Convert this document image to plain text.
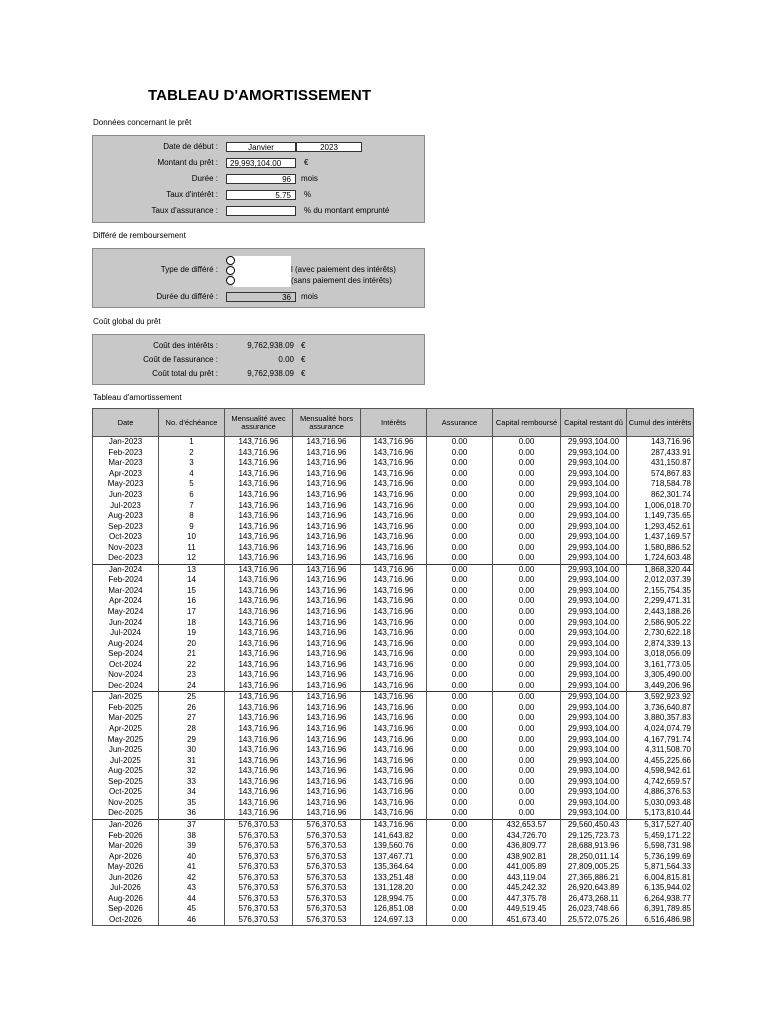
TABLEAU D'AMORTISSEMENT
Données concernant le prêt
Date de début :	Janvier	2023
Montant du prêt :	29,993,104.00	€
Durée :	96	mois
Taux d'intérêt :	5.75	%
Taux d'assurance :	% du montant emprunté
Différé de remboursement
Type de différé :	l (avec paiement des intérêts)
(sans paiement des intérêts)
Durée du différé :	36	mois
Coût global du prêt
Coût des intérêts :	9,762,938.09 €
Coût de l'assurance :	0.00 €
Coût total du prêt :	9,762,938.09 €
Tableau d'amortissement
Date	No. d'échéance	Mensualité avec assurance	Mensualité hors assurance	Intérêts	Assurance	Capital remboursé	Capital restant dû	Cumul des intérêts
Jan-2023	1	143,716.96	143,716.96	143,716.96	0.00	0.00	29,993,104.00	143,716.96
Feb-2023	2	143,716.96	143,716.96	143,716.96	0.00	0.00	29,993,104.00	287,433.91
Mar-2023	3	143,716.96	143,716.96	143,716.96	0.00	0.00	29,993,104.00	431,150.87
Apr-2023	4	143,716.96	143,716.96	143,716.96	0.00	0.00	29,993,104.00	574,867.83
May-2023	5	143,716.96	143,716.96	143,716.96	0.00	0.00	29,993,104.00	718,584.78
Jun-2023	6	143,716.96	143,716.96	143,716.96	0.00	0.00	29,993,104.00	862,301.74
Jul-2023	7	143,716.96	143,716.96	143,716.96	0.00	0.00	29,993,104.00	1,006,018.70
Aug-2023	8	143,716.96	143,716.96	143,716.96	0.00	0.00	29,993,104.00	1,149,735.65
Sep-2023	9	143,716.96	143,716.96	143,716.96	0.00	0.00	29,993,104.00	1,293,452.61
Oct-2023	10	143,716.96	143,716.96	143,716.96	0.00	0.00	29,993,104.00	1,437,169.57
Nov-2023	11	143,716.96	143,716.96	143,716.96	0.00	0.00	29,993,104.00	1,580,886.52
Dec-2023	12	143,716.96	143,716.96	143,716.96	0.00	0.00	29,993,104.00	1,724,603.48
Jan-2024	13	143,716.96	143,716.96	143,716.96	0.00	0.00	29,993,104.00	1,868,320.44
Feb-2024	14	143,716.96	143,716.96	143,716.96	0.00	0.00	29,993,104.00	2,012,037.39
Mar-2024	15	143,716.96	143,716.96	143,716.96	0.00	0.00	29,993,104.00	2,155,754.35
Apr-2024	16	143,716.96	143,716.96	143,716.96	0.00	0.00	29,993,104.00	2,299,471.31
May-2024	17	143,716.96	143,716.96	143,716.96	0.00	0.00	29,993,104.00	2,443,188.26
Jun-2024	18	143,716.96	143,716.96	143,716.96	0.00	0.00	29,993,104.00	2,586,905.22
Jul-2024	19	143,716.96	143,716.96	143,716.96	0.00	0.00	29,993,104.00	2,730,622.18
Aug-2024	20	143,716.96	143,716.96	143,716.96	0.00	0.00	29,993,104.00	2,874,339.13
Sep-2024	21	143,716.96	143,716.96	143,716.96	0.00	0.00	29,993,104.00	3,018,056.09
Oct-2024	22	143,716.96	143,716.96	143,716.96	0.00	0.00	29,993,104.00	3,161,773.05
Nov-2024	23	143,716.96	143,716.96	143,716.96	0.00	0.00	29,993,104.00	3,305,490.00
Dec-2024	24	143,716.96	143,716.96	143,716.96	0.00	0.00	29,993,104.00	3,449,206.96
Jan-2025	25	143,716.96	143,716.96	143,716.96	0.00	0.00	29,993,104.00	3,592,923.92
Feb-2025	26	143,716.96	143,716.96	143,716.96	0.00	0.00	29,993,104.00	3,736,640.87
Mar-2025	27	143,716.96	143,716.96	143,716.96	0.00	0.00	29,993,104.00	3,880,357.83
Apr-2025	28	143,716.96	143,716.96	143,716.96	0.00	0.00	29,993,104.00	4,024,074.79
May-2025	29	143,716.96	143,716.96	143,716.96	0.00	0.00	29,993,104.00	4,167,791.74
Jun-2025	30	143,716.96	143,716.96	143,716.96	0.00	0.00	29,993,104.00	4,311,508.70
Jul-2025	31	143,716.96	143,716.96	143,716.96	0.00	0.00	29,993,104.00	4,455,225.66
Aug-2025	32	143,716.96	143,716.96	143,716.96	0.00	0.00	29,993,104.00	4,598,942.61
Sep-2025	33	143,716.96	143,716.96	143,716.96	0.00	0.00	29,993,104.00	4,742,659.57
Oct-2025	34	143,716.96	143,716.96	143,716.96	0.00	0.00	29,993,104.00	4,886,376.53
Nov-2025	35	143,716.96	143,716.96	143,716.96	0.00	0.00	29,993,104.00	5,030,093.48
Dec-2025	36	143,716.96	143,716.96	143,716.96	0.00	0.00	29,993,104.00	5,173,810.44
Jan-2026	37	576,370.53	576,370.53	143,716.96	0.00	432,653.57	29,560,450.43	5,317,527.40
Feb-2026	38	576,370.53	576,370.53	141,643.82	0.00	434,726.70	29,125,723.73	5,459,171.22
Mar-2026	39	576,370.53	576,370.53	139,560.76	0.00	436,809.77	28,688,913.96	5,598,731.98
Apr-2026	40	576,370.53	576,370.53	137,467.71	0.00	438,902.81	28,250,011.14	5,736,199.69
May-2026	41	576,370.53	576,370.53	135,364.64	0.00	441,005.89	27,809,005.25	5,871,564.33
Jun-2026	42	576,370.53	576,370.53	133,251.48	0.00	443,119.04	27,365,886.21	6,004,815.81
Jul-2026	43	576,370.53	576,370.53	131,128.20	0.00	445,242.32	26,920,643.89	6,135,944.02
Aug-2026	44	576,370.53	576,370.53	128,994.75	0.00	447,375.78	26,473,268.11	6,264,938.77
Sep-2026	45	576,370.53	576,370.53	126,851.08	0.00	449,519.45	26,023,748.66	6,391,789.85
Oct-2026	46	576,370.53	576,370.53	124,697.13	0.00	451,673.40	25,572,075.26	6,516,486.98
